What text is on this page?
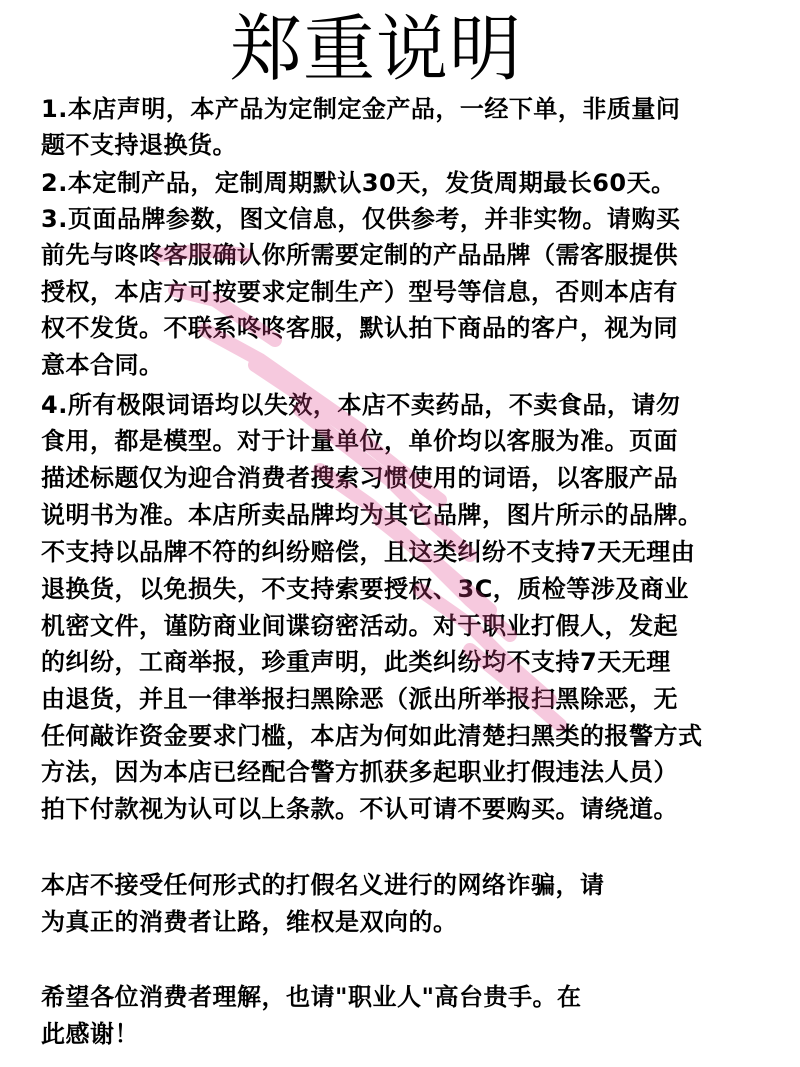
郑重说明
1.本店声明，本产品为定制定金产品，一经下单，非质量问
题不支持退换货。
2.本定制产品，定制周期默认30天，发货周期最长60天。
3.页面品牌参数，图文信息，仅供参考，并非实物。请购买
前先与咚咚客服确认你所需要定制的产品品牌（需客服提供
授权，本店方可按要求定制生产）型号等信息，否则本店有
权不发货。不联系咚咚客服，默认拍下商品的客户，视为同
意本合同。
4.所有极限词语均以失效，本店不卖药品，不卖食品，请勿
食用，都是模型。对于计量单位，单价均以客服为准。页面
描述标题仅为迎合消费者搜索习惯使用的词语，以客服产品
说明书为准。本店所卖品牌均为其它品牌，图片所示的品牌。
不支持以品牌不符的纠纷赔偿，且这类纠纷不支持7天无理由
退换货，以免损失，不支持索要授权、3C，质检等涉及商业
机密文件，谨防商业间谍窃密活动。对于职业打假人，发起
的纠纷，工商举报，珍重声明，此类纠纷均不支持7天无理
由退货，并且一律举报扫黑除恶（派出所举报扫黑除恶，无
任何敲诈资金要求门槛，本店为何如此清楚扫黑类的报警方式
方法，因为本店已经配合警方抓获多起职业打假违法人员）
拍下付款视为认可以上条款。不认可请不要购买。请绕道。
本店不接受任何形式的打假名义进行的网络诈骗，请
为真正的消费者让路，维权是双向的。
希望各位消费者理解，也请"职业人"高台贵手。在
此感谢！
